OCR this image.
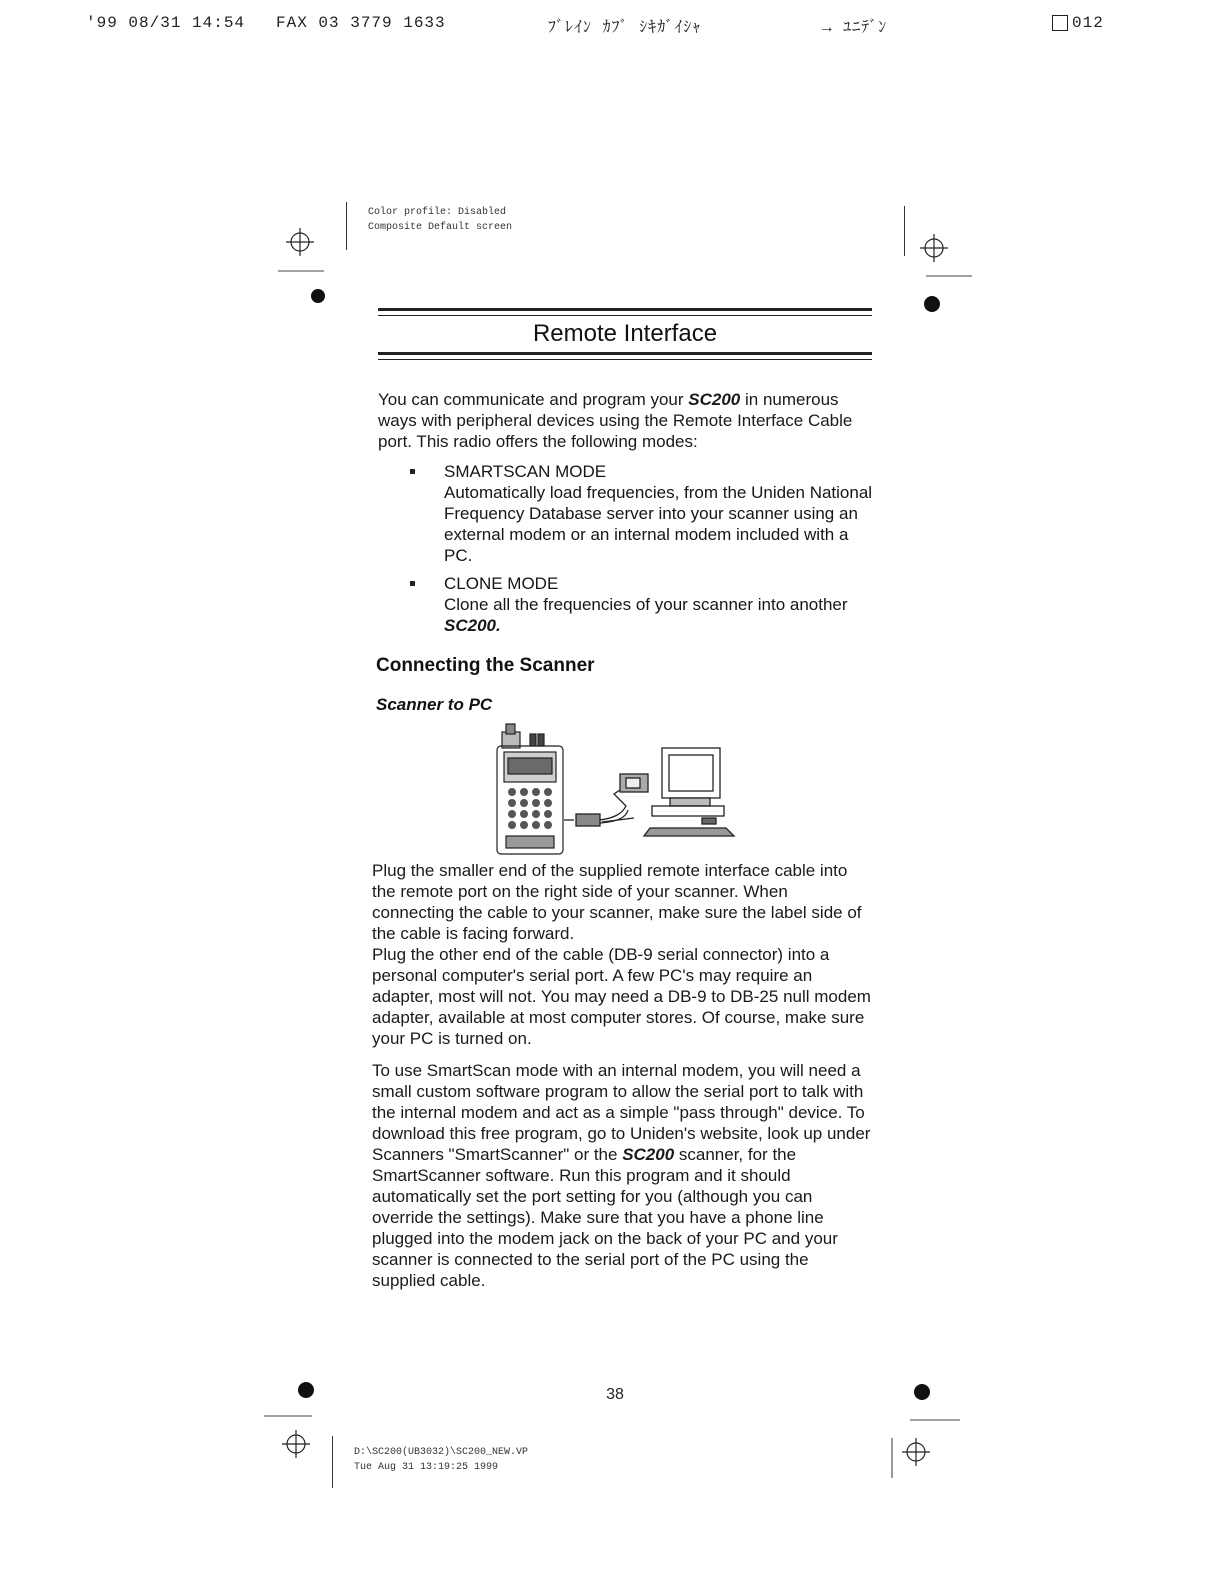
'99 08/31 14:54 FAX 03 3779 1633	ﾌﾞﾚｲﾝ ｶﾌﾞ ｼｷｶﾞｲｼｬ	→ ﾕﾆﾃﾞﾝ	012
Color profile: Disabled
Composite Default screen
Remote Interface
You can communicate and program your SC200 in numerous ways with peripheral devices using the Remote Interface Cable port. This radio offers the following modes:
SMARTSCAN MODE
Automatically load frequencies, from the Uniden National Frequency Database server into your scanner using an external modem or an internal modem included with a PC.
CLONE MODE
Clone all the frequencies of your scanner into another SC200.
Connecting the Scanner
Scanner to PC
Plug the smaller end of the supplied remote interface cable into the remote port on the right side of your scanner. When connecting the cable to your scanner, make sure the label side of the cable is facing forward.
Plug the other end of the cable (DB-9 serial connector) into a personal computer's serial port. A few PC's may require an adapter, most will not. You may need a DB-9 to DB-25 null modem adapter, available at most computer stores. Of course, make sure your PC is turned on.
To use SmartScan mode with an internal modem, you will need a small custom software program to allow the serial port to talk with the internal modem and act as a simple "pass through" device. To download this free program, go to Uniden's website, look up under Scanners "SmartScanner" or the SC200 scanner, for the SmartScanner software. Run this program and it should automatically set the port setting for you (although you can override the settings). Make sure that you have a phone line plugged into the modem jack on the back of your PC and your scanner is connected to the serial port of the PC using the supplied cable.
38
D:\SC200(UB3032)\SC200_NEW.VP
Tue Aug 31 13:19:25 1999
